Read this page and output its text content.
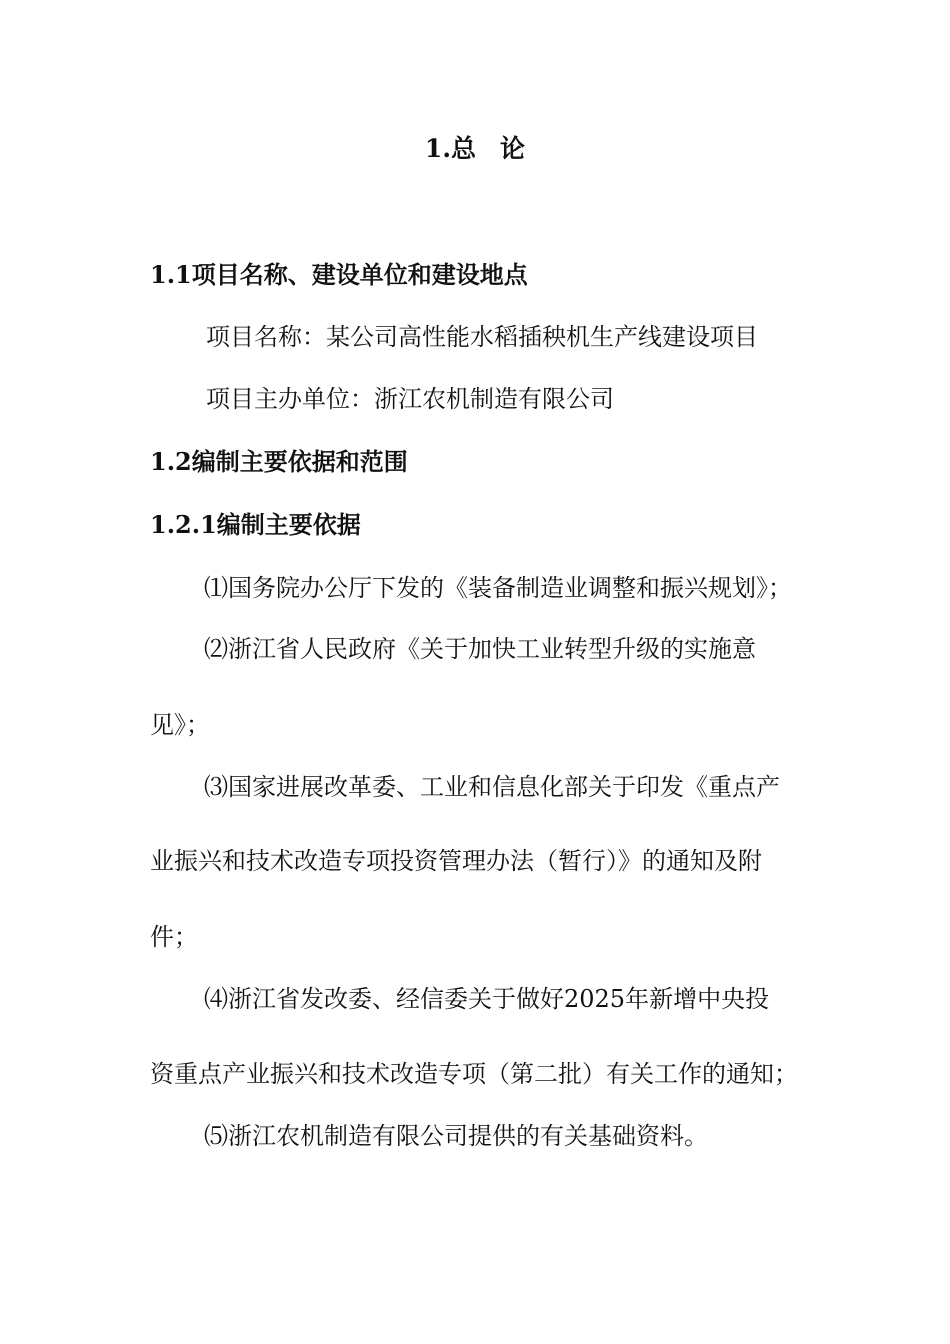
1.总 论
1.1项目名称、建设单位和建设地点
项目名称：某公司高性能水稻插秧机生产线建设项目
项目主办单位：浙江农机制造有限公司
1.2编制主要依据和范围
1.2.1编制主要依据
⑴国务院办公厅下发的《装备制造业调整和振兴规划》；
⑵浙江省人民政府《关于加快工业转型升级的实施意
见》；
⑶国家进展改革委、工业和信息化部关于印发《重点产
业振兴和技术改造专项投资管理办法（暂行）》的通知及附
件；
⑷浙江省发改委、经信委关于做好2025年新增中央投
资重点产业振兴和技术改造专项（第二批）有关工作的通知；
⑸浙江农机制造有限公司提供的有关基础资料。
